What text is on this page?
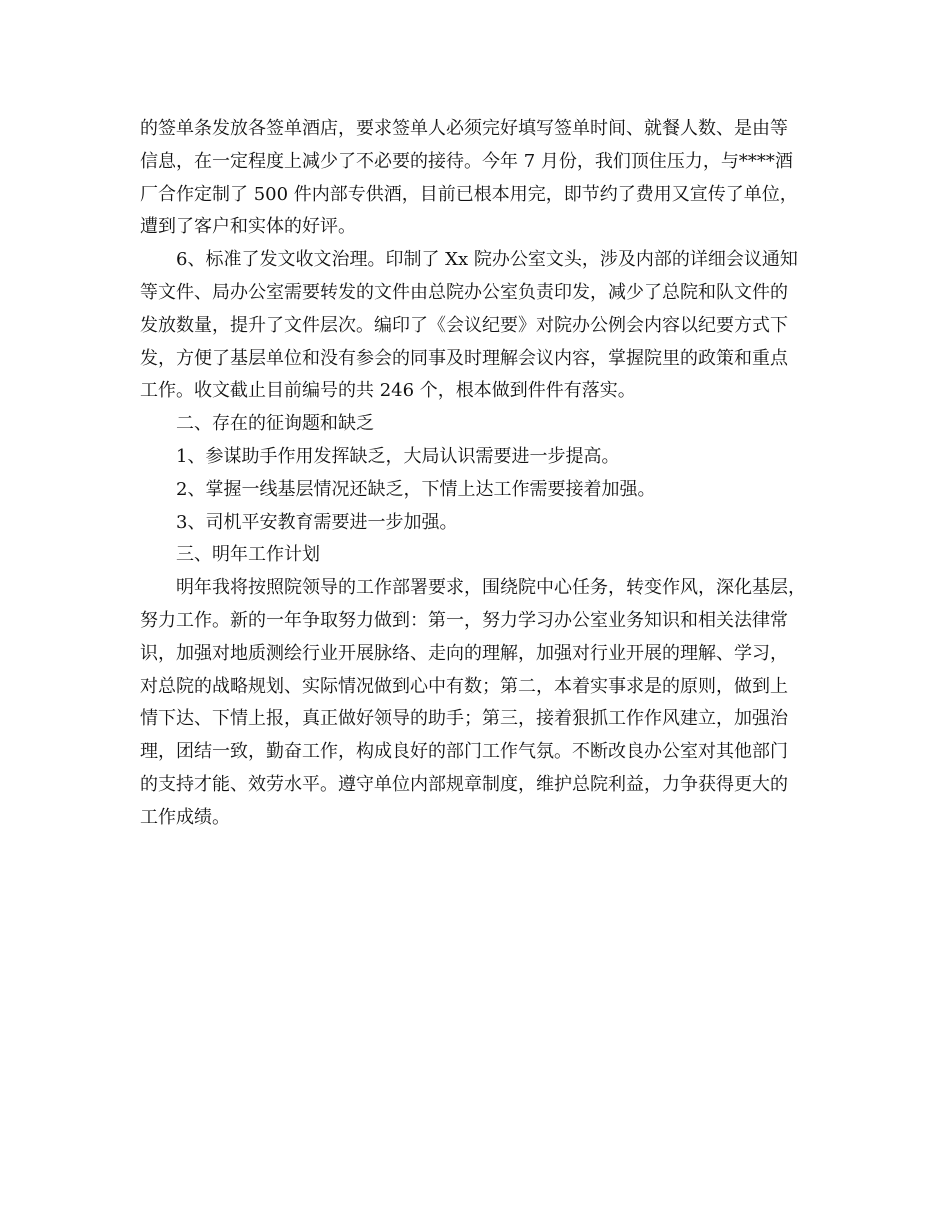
的签单条发放各签单酒店，要求签单人必须完好填写签单时间、就餐人数、是由等
信息，在一定程度上减少了不必要的接待。今年 7 月份，我们顶住压力，与****酒
厂合作定制了 500 件内部专供酒，目前已根本用完，即节约了费用又宣传了单位，
遭到了客户和实体的好评。
6、标准了发文收文治理。印制了 Xx 院办公室文头，涉及内部的详细会议通知
等文件、局办公室需要转发的文件由总院办公室负责印发，减少了总院和队文件的
发放数量，提升了文件层次。编印了《会议纪要》对院办公例会内容以纪要方式下
发，方便了基层单位和没有参会的同事及时理解会议内容，掌握院里的政策和重点
工作。收文截止目前编号的共 246 个，根本做到件件有落实。
二、存在的征询题和缺乏
1、参谋助手作用发挥缺乏，大局认识需要进一步提高。
2、掌握一线基层情况还缺乏，下情上达工作需要接着加强。
3、司机平安教育需要进一步加强。
三、明年工作计划
明年我将按照院领导的工作部署要求，围绕院中心任务，转变作风，深化基层，
努力工作。新的一年争取努力做到：第一，努力学习办公室业务知识和相关法律常
识，加强对地质测绘行业开展脉络、走向的理解，加强对行业开展的理解、学习，
对总院的战略规划、实际情况做到心中有数；第二，本着实事求是的原则，做到上
情下达、下情上报，真正做好领导的助手；第三，接着狠抓工作作风建立，加强治
理，团结一致，勤奋工作，构成良好的部门工作气氛。不断改良办公室对其他部门
的支持才能、效劳水平。遵守单位内部规章制度，维护总院利益，力争获得更大的
工作成绩。
